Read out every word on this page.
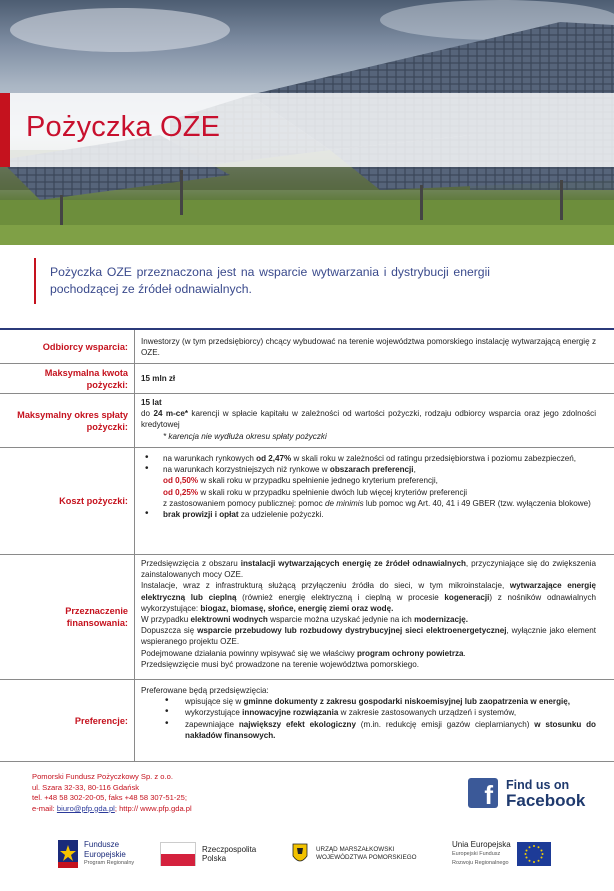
Pożyczka OZE
Pożyczka OZE przeznaczona jest na wsparcie wytwarzania i dystrybucji energii pochodzącej ze źródeł odnawialnych.
Odbiorcy wsparcia:	Inwestorzy (w tym przedsiębiorcy) chcący wybudować na terenie województwa pomorskiego instalację wytwarzającą energię z OZE.
Maksymalna kwota pożyczki:
15 mln zł
Maksymalny okres spłaty pożyczki:
15 lat
do 24 m-ce* karencji w spłacie kapitału w zależności od wartości pożyczki, rodzaju odbiorcy wsparcia oraz jego zdolności kredytowej
* karencja nie wydłuża okresu spłaty pożyczki
Koszt pożyczki:
• na warunkach rynkowych od 2,47% w skali roku w zależności od ratingu przedsiębiorstwa i poziomu zabezpieczeń,
• na warunkach korzystniejszych niż rynkowe w obszarach preferencji,
od 0,50% w skali roku w przypadku spełnienie jednego kryterium preferencji,
od 0,25% w skali roku w przypadku spełnienie dwóch lub więcej kryteriów preferencji
z zastosowaniem pomocy publicznej: pomoc de minimis lub pomoc wg Art. 40, 41 i 49 GBER (tzw. wyłączenia blokowe)
• brak prowizji i opłat za udzielenie pożyczki.
Przeznaczenie finansowania:
Przedsięwzięcia z obszaru instalacji wytwarzających energię ze źródeł odnawialnych, przyczyniające się do zwiększenia zainstalowanych mocy OZE.
Instalacje, wraz z infrastrukturą służącą przyłączeniu źródła do sieci, w tym mikroinstalacje, wytwarzające energię elektryczną lub cieplną (również energię elektryczną i cieplną w procesie kogeneracji) z nośników odnawialnych wykorzystujące: biogaz, biomasę, słońce, energię ziemi oraz wodę.
W przypadku elektrowni wodnych wsparcie można uzyskać jedynie na ich modernizację.
Dopuszcza się wsparcie przebudowy lub rozbudowy dystrybucyjnej sieci elektroenergetycznej, wyłącznie jako element wspieranego projektu OZE.
Podejmowane działania powinny wpisywać się we właściwy program ochrony powietrza.
Przedsięwzięcie musi być prowadzone na terenie województwa pomorskiego.
Preferencje:
Preferowane będą przedsięwzięcia:
• wpisujące się w gminne dokumenty z zakresu gospodarki niskoemisyjnej lub zaopatrzenia w energię,
• wykorzystujące innowacyjne rozwiązania w zakresie zastosowanych urządzeń i systemów,
• zapewniające największy efekt ekologiczny (m.in. redukcję emisji gazów cieplarnianych) w stosunku do nakładów finansowych.
Pomorski Fundusz Pożyczkowy Sp. z o.o.
ul. Szara 32-33, 80-116 Gdańsk
tel. +48 58 302-20-05, faks +48 58 307-51-25;
e-mail: biuro@pfp.gda.pl; http:// www.pfp.gda.pl	f	Find us on
Facebook
Fundusze
Europejskie
Program Regionalny
Rzeczpospolita
Polska
URZĄD MARSZAŁKOWSKI
WOJEWÓDZTWA POMORSKIEGO
Unia Europejska
Europejski Fundusz
Rozwoju Regionalnego
